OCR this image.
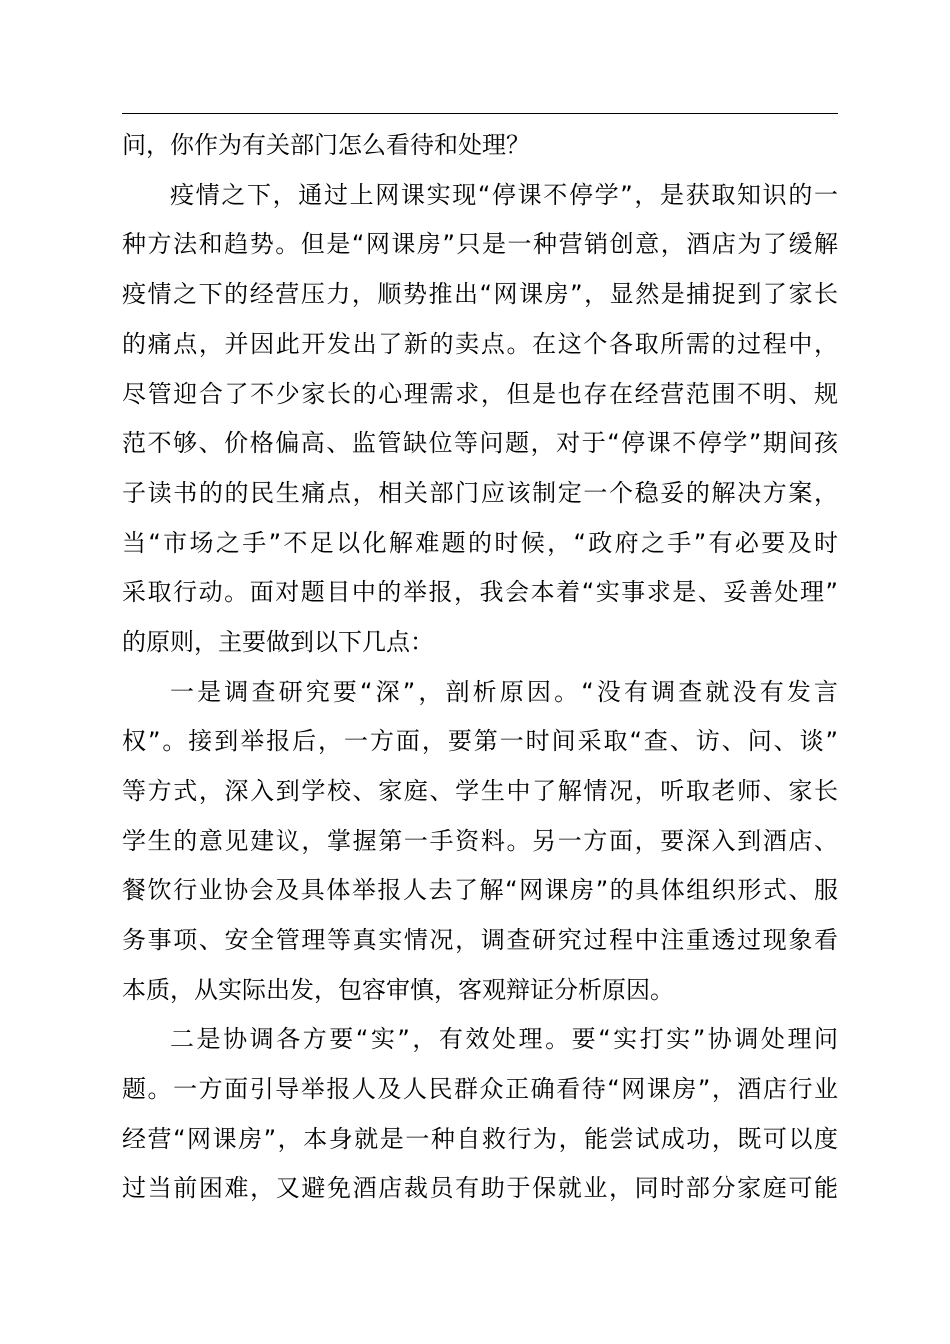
问，你作为有关部门怎么看待和处理？
疫情之下，通过上网课实现“停课不停学”，是获取知识的一
种方法和趋势。但是“网课房”只是一种营销创意，酒店为了缓解
疫情之下的经营压力，顺势推出“网课房”，显然是捕捉到了家长
的痛点，并因此开发出了新的卖点。在这个各取所需的过程中，
尽管迎合了不少家长的心理需求，但是也存在经营范围不明、规
范不够、价格偏高、监管缺位等问题，对于“停课不停学”期间孩
子读书的的民生痛点，相关部门应该制定一个稳妥的解决方案，
当“市场之手”不足以化解难题的时候，“政府之手”有必要及时
采取行动。面对题目中的举报，我会本着“实事求是、妥善处理”
的原则，主要做到以下几点：
一是调查研究要“深”，剖析原因。“没有调查就没有发言
权”。接到举报后，一方面，要第一时间采取“查、访、问、谈”
等方式，深入到学校、家庭、学生中了解情况，听取老师、家长
学生的意见建议，掌握第一手资料。另一方面，要深入到酒店、
餐饮行业协会及具体举报人去了解“网课房”的具体组织形式、服
务事项、安全管理等真实情况，调查研究过程中注重透过现象看
本质，从实际出发，包容审慎，客观辩证分析原因。
二是协调各方要“实”，有效处理。要“实打实”协调处理问
题。一方面引导举报人及人民群众正确看待“网课房”，酒店行业
经营“网课房”，本身就是一种自救行为，能尝试成功，既可以度
过当前困难，又避免酒店裁员有助于保就业，同时部分家庭可能
